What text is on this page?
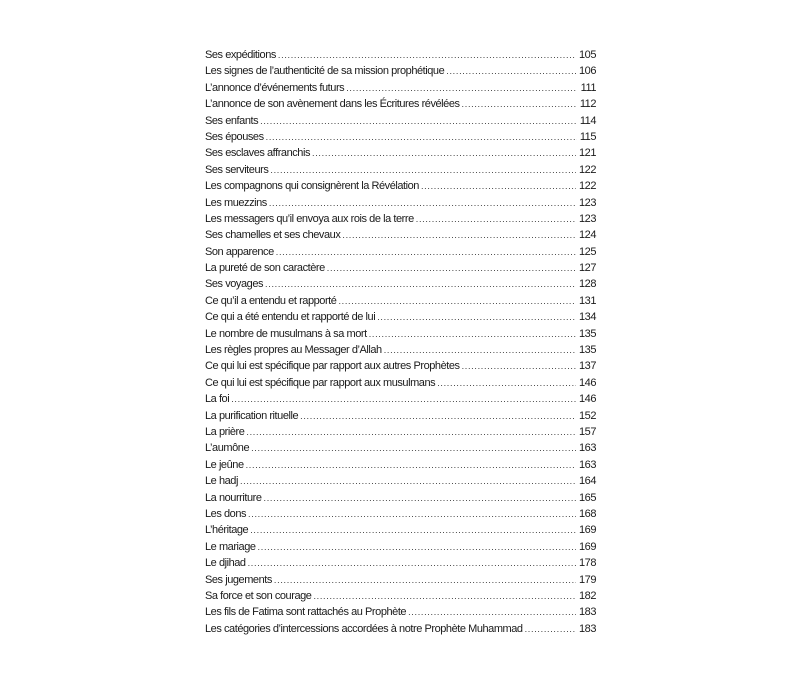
Ses expéditions . . .	105
Les signes de l’authenticité de sa mission prophétique . . .	106
L’annonce d’événements futurs . . .	111
L’annonce de son avènement dans les Écritures révélées . . .	112
Ses enfants . . .	114
Ses épouses . . .	115
Ses esclaves affranchis . . .	121
Ses serviteurs . . .	122
Les compagnons qui consignèrent la Révélation . . .	122
Les muezzins . . .	123
Les messagers qu’il envoya aux rois de la terre . . .	123
Ses chamelles et ses chevaux . . .	124
Son apparence . . .	125
La pureté de son caractère . . .	127
Ses voyages . . .	128
Ce qu’il a entendu et rapporté . . .	131
Ce qui a été entendu et rapporté de lui . . .	134
Le nombre de musulmans à sa mort . . .	135
Les règles propres au Messager d’Allah . . .	135
Ce qui lui est spécifique par rapport aux autres Prophètes . . .	137
Ce qui lui est spécifique par rapport aux musulmans . . .	146
La foi . . .	146
La purification rituelle . . .	152
La prière . . .	157
L’aumône . . .	163
Le jeûne . . .	163
Le hadj . . .	164
La nourriture . . .	165
Les dons . . .	168
L’héritage . . .	169
Le mariage . . .	169
Le djihad . . .	178
Ses jugements . . .	179
Sa force et son courage . . .	182
Les fils de Fatima sont rattachés au Prophète . . .	183
Les catégories d’intercessions accordées à notre Prophète Muhammad . . .	183
